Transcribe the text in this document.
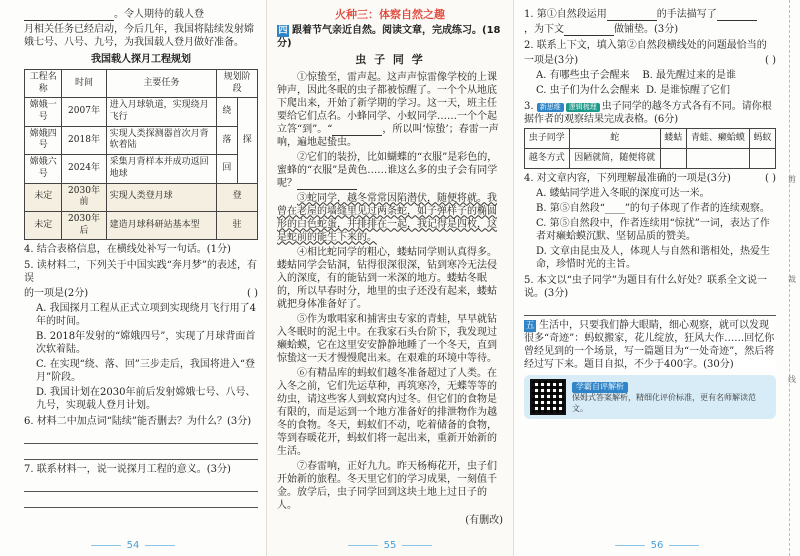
。令人期待的载人登

月相关任务已经启动，今后几年，我国将陆续发射嫦娥七号、八号、九号，为我国载人登月做好准备。

我国载人探月工程规划
工程名称	时间	主要任务	规划阶段	
嫦娥一号	2007年	进入月球轨道，实现绕月飞行	绕	探
嫦娥四号	2018年	实现人类探测器首次月背软着陆	落	
嫦娥六号	2024年	采集月背样本并成功返回地球	回	
未定	2030年前	实现人类登月球	登	
未定	2030年后	建造月球科研站基本型	驻	

4. 结合表格信息，在横线处补写一句话。(1分)

5. 读材料二，下列关于中国实践“奔月梦”的表述，有误

的一项是(2分)	( )

A. 我国探月工程从正式立项到实现绕月飞行用了4年的时间。

B. 2018年发射的“嫦娥四号”，实现了月球背面首次软着陆。

C. 在实现“绕、落、回”三步走后，我国将进入“登月”阶段。

D. 我国计划在2030年前后发射嫦娥七号、八号、九号，实现载人登月计划。

6. 材料二中加点词“陆续”能否删去？为什么？(3分)

7. 联系材料一，说一说探月工程的意义。(3分)

54
火种三：体察自然之趣

四 跟着节气亲近自然。阅读文章，完成练习。(18分)

虫 子 同 学

①惊蛰至，雷声起。这声声惊雷像学校的上课钟声，因此冬眠的虫子都被惊醒了。一个个从地底下爬出来，开始了新学期的学习。这一天，班主任要给它们点名。小蜂同学、小蚁同学……一个个起立答“到”。“	，所以叫‘惊蛰’；春雷一声响，遍地起蛰虫。

②它们的装扮，比如蝴蝶的“衣服”是彩色的，蜜蜂的“衣服”是黄色……谁这么多的虫子会有同学呢？

③蛇同学，越冬常常因陷潜伏，随便将就。我曾在老屋的墙缝里见过两条蛇，如子弹样子的椭圆形的白色蛇蛋，井排排在一起，我记得是四枚，这是蛇前的能生下来的。

④相比蛇同学的粗心，蝼蛄同学则认真得多。蝼蛄同学会钻洞，钻得很深很深，钻到寒冷无法侵入的深度，有的能钻到一米深的地方。蝼蛄冬眠的，所以早春时分，地里的虫子还没有起来，蝼蛄就把身体准备好了。

⑤作为歌唱家和捕害虫专家的青蛙，早早就钻入冬眠时的泥土中。在我家石头台阶下，我发现过癞蛤蟆，它在这里安安静静地睡了一个冬天，直到惊蛰这一天才慢慢爬出来。在艰难的环境中等待。

⑥有精品库的蚂蚁们越冬准备超过了人类。在入冬之前，它们先运草种，再筑寒冷，无蝶等等的幼虫，请这些客人到蚁窝内过冬。但它们的食物是有限的，而是运到一个地方准备好的排泄物作为越冬的食物。冬天，蚂蚁们不动，吃着储备的食物，等到春暖花开，蚂蚁们将一起出来，重新开始新的生活。

⑦春雷响，正好九九。昨天杨梅花开，虫子们开始新的旅程。冬天里它们的学习成果，一刻值千金。放学后，虫子同学回到这块土地上过日子的人。

(有删改)

55
剪
裁
线

1. 第①自然段运用	的手法描写了

，为下文	做铺垫。(3分)

2. 联系上下文，填入第②自然段横线处的问题最恰当的

一项是(3分)	( )

A. 有哪些虫子会醒来 B. 最先醒过来的是谁

C. 虫子们为什么会醒来 D. 是谁惊醒了它们

3. 新思维 逻辑梳理 虫子同学的越冬方式各有不同。请你根据作者的观察结果完成表格。(6分)

虫子同学	蛇	蝼蛄	青蛙、癞蛤蟆	蚂蚁
越冬方式	因陋就简，随便将就			

4. 对文章内容，下列理解最准确的一项是(3分)	( )

A. 蝼蛄同学进入冬眠的深度可达一米。

B. 第⑤自然段“____”的句子体现了作者的连续观察。

C. 第⑤自然段中，作者连续用“惊扰”一词，表达了作者对癞蛤蟆沉默、坚韧品质的赞美。

D. 文章由昆虫及人，体现人与自然和谐相处，热爱生命，珍惜时光的主旨。

5. 本文以“虫子同学”为题目有什么好处？联系全文说一说。(3分)

五 生活中，只要我们静大眼睛，细心观察，就可以发现很多“奇迹”：蚂蚁搬家，花儿绽放，狂风大作……回忆你曾经见到的一个场景，写一篇题目为“一处奇迹”，然后将经过写下来。题目自拟，不少于400字。(30分)

学霸自评解析
保姆式答案解析，精细化评价标准，更有名师解读范文。
56
